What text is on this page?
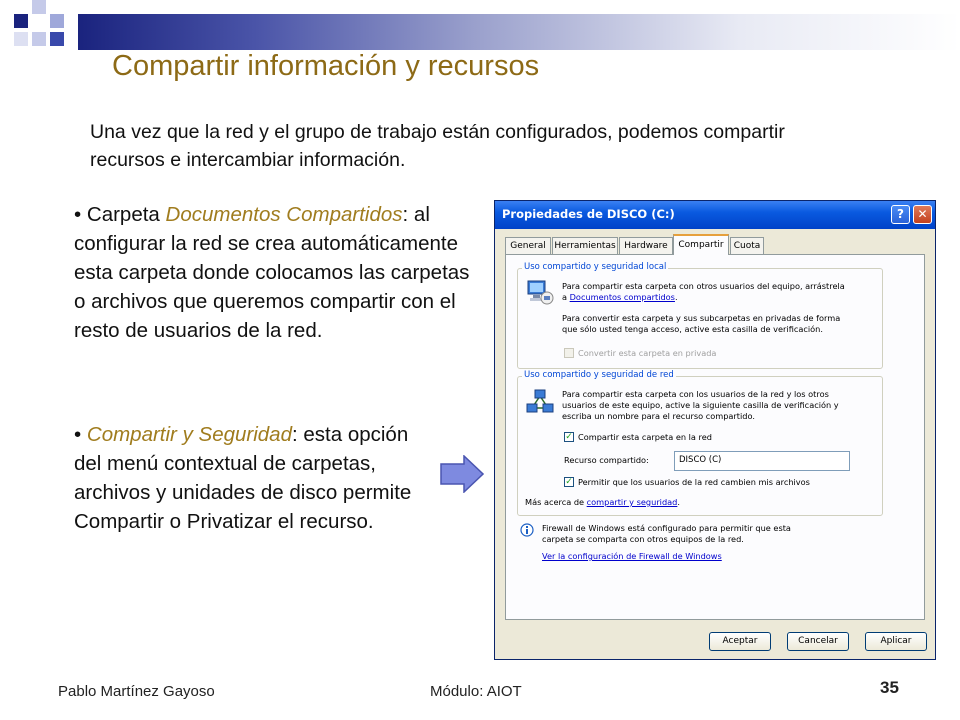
Compartir información y recursos
Una vez que la red y el grupo de trabajo están configurados, podemos compartir recursos e intercambiar información.
• Carpeta Documentos Compartidos: al configurar la red se crea automáticamente esta carpeta donde colocamos las carpetas o archivos que queremos compartir con el resto de usuarios de la red.
• Compartir y Seguridad: esta opción del menú contextual de carpetas, archivos y unidades de disco permite Compartir o Privatizar el recurso.
Propiedades de DISCO (C:)	?	✕
General Herramientas Hardware	Compartir	Cuota
Uso compartido y seguridad local
Para compartir esta carpeta con otros usuarios del equipo, arrástrela
a Documentos compartidos.
Para convertir esta carpeta y sus subcarpetas en privadas de forma
que sólo usted tenga acceso, active esta casilla de verificación.
Convertir esta carpeta en privada
Uso compartido y seguridad de red
Para compartir esta carpeta con los usuarios de la red y los otros
usuarios de este equipo, active la siguiente casilla de verificación y
escriba un nombre para el recurso compartido.
✓ Compartir esta carpeta en la red
Recurso compartido:	DISCO (C)
✓ Permitir que los usuarios de la red cambien mis archivos
Más acerca de compartir y seguridad.
Firewall de Windows está configurado para permitir que esta
carpeta se comparta con otros equipos de la red.
Ver la configuración de Firewall de Windows
Aceptar	Cancelar	Aplicar
Pablo Martínez Gayoso	Módulo: AIOT	35
